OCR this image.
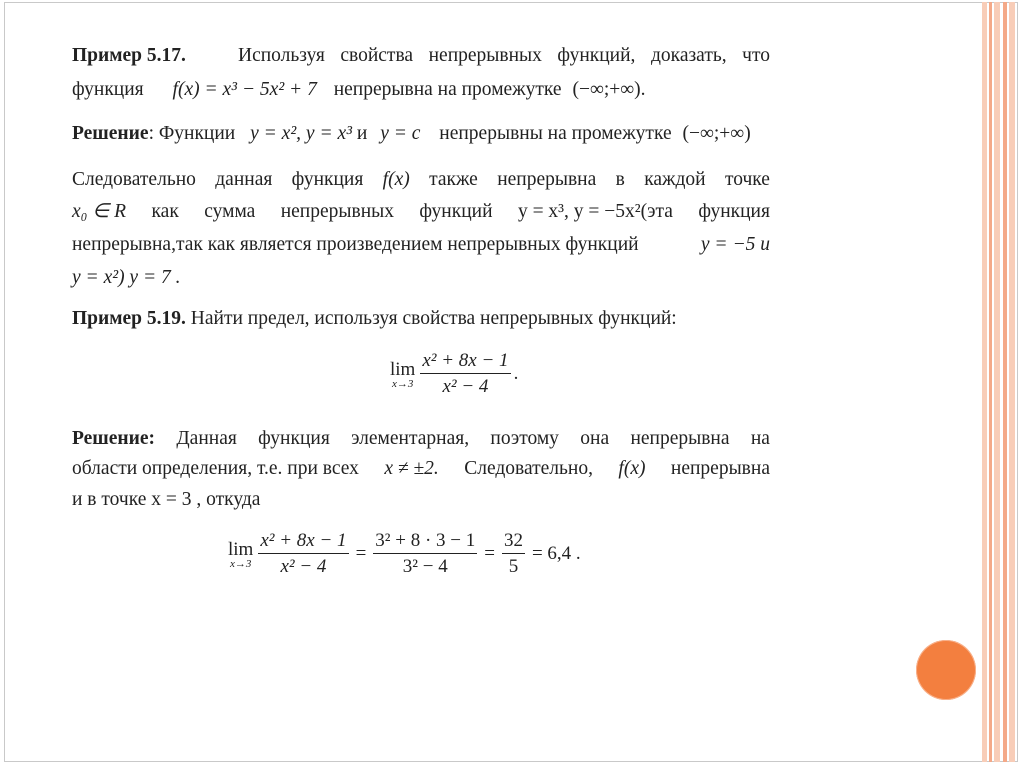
Пример 5.17.	Используя свойства непрерывных функций, доказать, что
функция f(x) = x³ − 5x² + 7 непрерывна на промежутке (−∞;+∞).
Решение: Функции y = x², y = x³ и y = c непрерывны на промежутке (−∞;+∞)
Следовательно данная функция f(x) также непрерывна в каждой точке
x₀ ∈ R как сумма непрерывных функций y = x³, y = −5x²(эта функция
непрерывна,так как является произведением непрерывных функций	y = −5 и
y = x²) y = 7 .
Пример 5.19. Найти предел, используя свойства непрерывных функций:
lim
$x\to 3 \frac{\text{x² + 8x − 1}}{\text{x² − 4}}$ .
Решение: Данная функция элементарная, поэтому она непрерывна на
области определения, т.е. при всех x ≠ ±2. Следовательно, f(x) непрерывна
и в точке x = 3 , откуда
lim
$x\to 3 \frac{\text{x² + 8x − 1}}{\text{x² − 4}} = \frac{\text{3² + 8 · 3 − 1}}{\text{3² − 4}} = \frac{32}{5} = 6,4$ .
